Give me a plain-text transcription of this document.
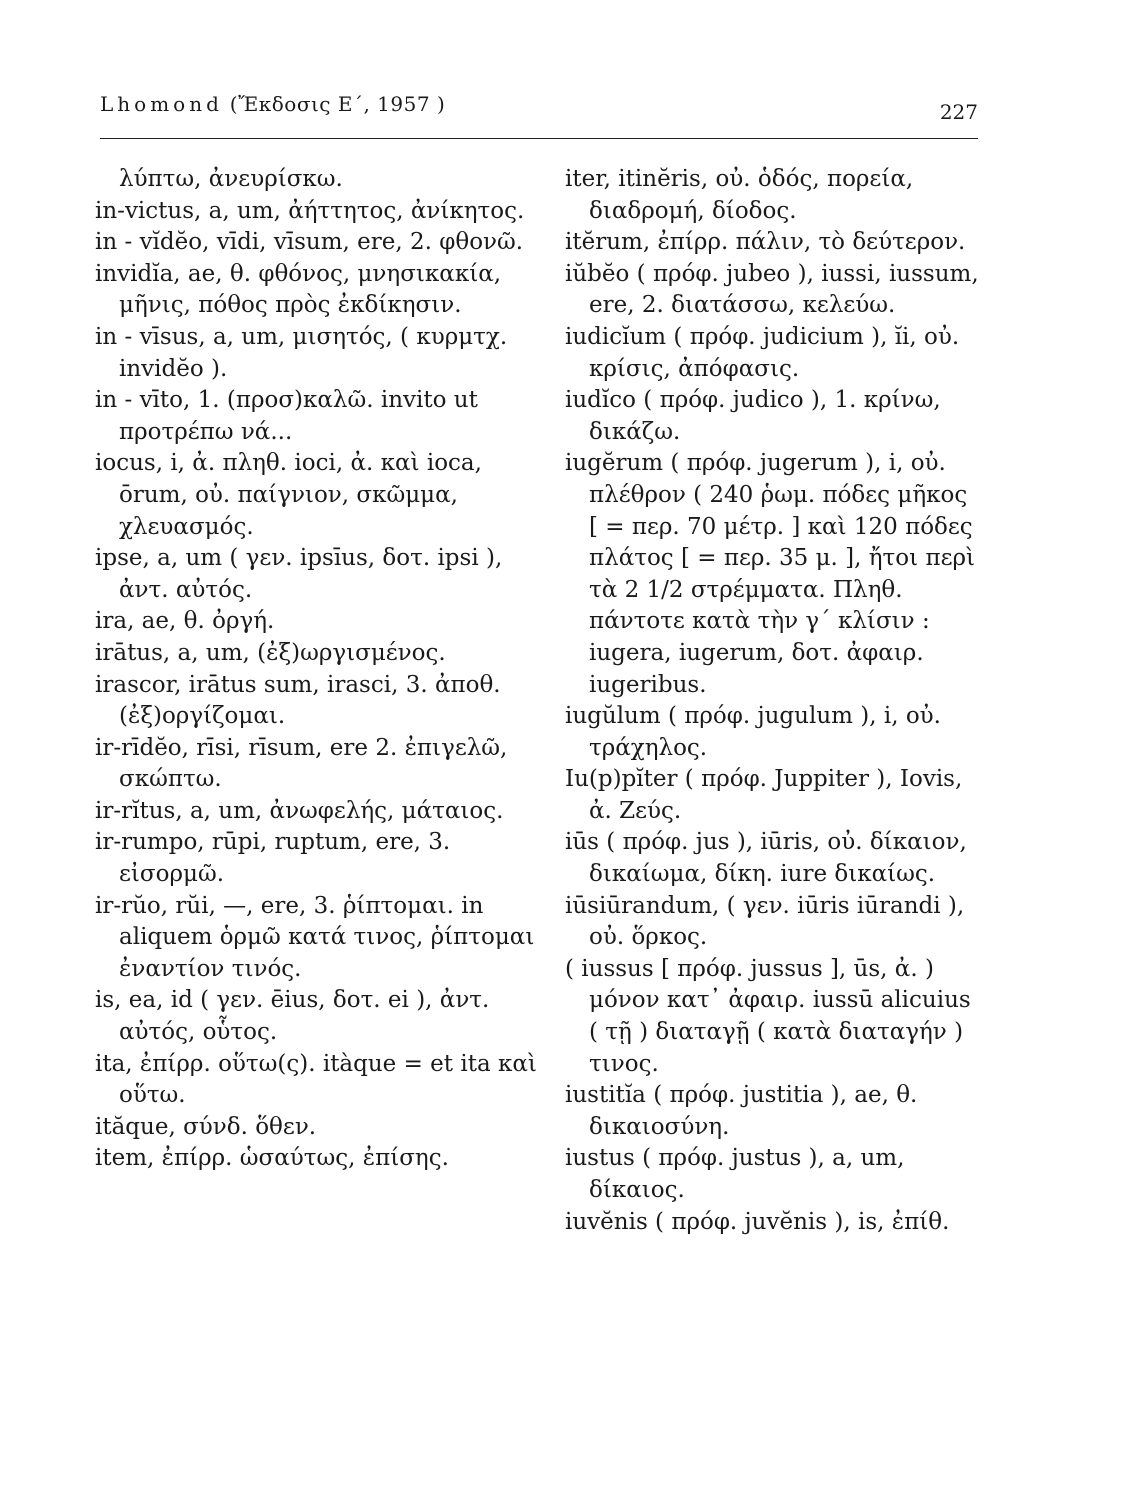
Lhomond (Ἔκδοσις Ε΄, 1957 )	227

λύπτω, ἀνευρίσκω.

in-victus, a, um, ἀήττητος, ἀνίκητος.

in - vĭdĕo, vīdi, vīsum, ere, 2. φθονῶ.

invidĭa, ae, θ. φθόνος, μνησικακία, μῆνις, πόθος πρὸς ἐκδίκησιν.

in - vīsus, a, um, μισητός, ( κυρμτχ. invidĕo ).

in - vīto, 1. (προσ)καλῶ. invito ut προτρέπω νά...

iocus, i, ἀ. πληθ. ioci, ἀ. καὶ ioca, ōrum, οὐ. παίγνιον, σκῶμμα, χλευασμός.

ipse, a, um ( γεν. ipsīus, δοτ. ipsi ), ἀντ. αὐτός.

ira, ae, θ. ὀργή.

irātus, a, um, (ἐξ)ωργισμένος.

irascor, irātus sum, irasci, 3. ἀποθ. (ἐξ)οργίζομαι.

ir-rīdĕo, rīsi, rīsum, ere 2. ἐπιγελῶ, σκώπτω.

ir-rĭtus, a, um, ἀνωφελής, μάταιος.

ir-rumpo, rūpi, ruptum, ere, 3. εἰσορμῶ.

ir-rŭo, rŭi, —, ere, 3. ῥίπτομαι. in aliquem ὁρμῶ κατά τινος, ῥίπτομαι ἐναντίον τινός.

is, ea, id ( γεν. ēius, δοτ. ei ), ἀντ. αὐτός, οὗτος.

ita, ἐπίρρ. οὕτω(ς). itàque = et ita καὶ οὕτω.

ităque, σύνδ. ὅθεν.

item, ἐπίρρ. ὡσαύτως, ἐπίσης.

iter, itinĕris, οὐ. ὁδός, πορεία, διαδρομή, δίοδος.

itĕrum, ἐπίρρ. πάλιν, τὸ δεύτερον.

iŭbĕo ( πρόφ. jubeo ), iussi, iussum, ere, 2. διατάσσω, κελεύω.

iudicĭum ( πρόφ. judicium ), ĭi, οὐ. κρίσις, ἀπόφασις.

iudĭco ( πρόφ. judico ), 1. κρίνω, δικάζω.

iugĕrum ( πρόφ. jugerum ), i, οὐ. πλέθρον ( 240 ῥωμ. πόδες μῆκος [ = περ. 70 μέτρ. ] καὶ 120 πόδες πλάτος [ = περ. 35 μ. ], ἤτοι περὶ τὰ 2 1/2 στρέμματα. Πληθ. πάντοτε κατὰ τὴν γ΄ κλίσιν : iugera, iugerum, δοτ. ἀφαιρ. iugeribus.

iugŭlum ( πρόφ. jugulum ), i, οὐ. τράχηλος.

Iu(p)pĭter ( πρόφ. Juppiter ), Iovis, ἀ. Ζεύς.

iūs ( πρόφ. jus ), iūris, οὐ. δίκαιον, δικαίωμα, δίκη. iure δικαίως.

iūsiūrandum, ( γεν. iūris iūrandi ), οὐ. ὅρκος.

( iussus [ πρόφ. jussus ], ūs, ἀ. ) μόνον κατ᾽ ἀφαιρ. iussū alicuius ( τῇ ) διαταγῇ ( κατὰ διαταγήν ) τινος.

iustitĭa ( πρόφ. justitia ), ae, θ. δικαιοσύνη.

iustus ( πρόφ. justus ), a, um, δίκαιος.

iuvĕnis ( πρόφ. juvĕnis ), is, ἐπίθ.
